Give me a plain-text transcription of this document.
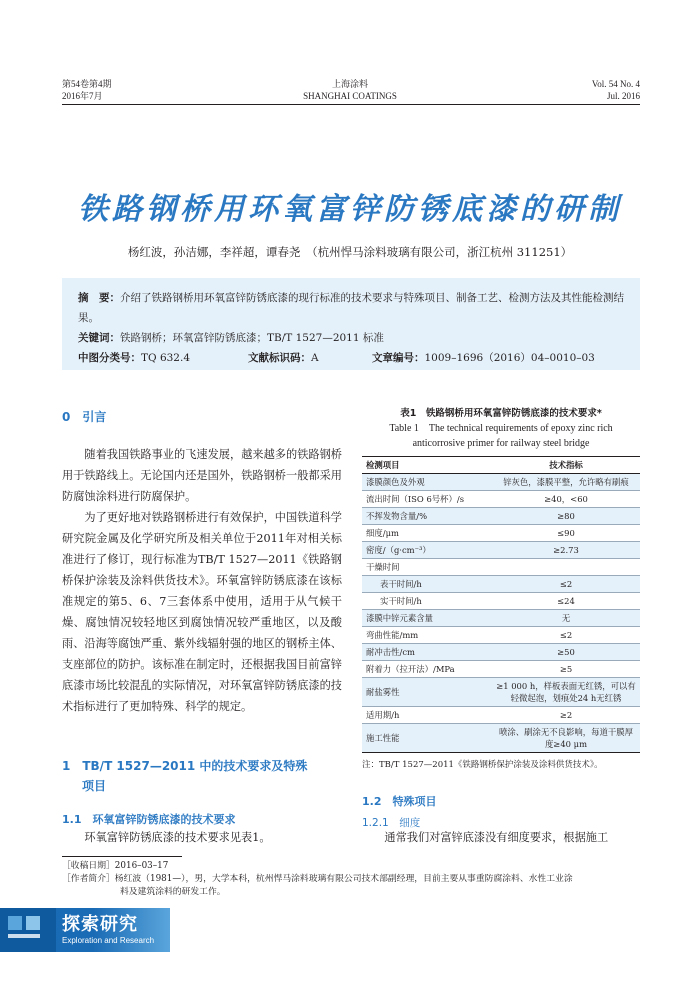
第54卷第4期
2016年7月
上海涂料
SHANGHAI COATINGS
Vol. 54 No. 4
Jul. 2016
铁路钢桥用环氧富锌防锈底漆的研制
杨红波，孙洁娜，李祥超，谭春尧　（杭州悍马涂料玻璃有限公司，浙江杭州 311251）
摘　要：介绍了铁路钢桥用环氧富锌防锈底漆的现行标准的技术要求与特殊项目、制备工艺、检测方法及其性能检测结果。
关键词：铁路钢桥；环氧富锌防锈底漆；TB/T 1527—2011 标准
中图分类号：TQ 632.4	文献标识码：A	文章编号：1009–1696（2016）04–0010–03
0　引言

随着我国铁路事业的飞速发展，越来越多的铁路钢桥用于铁路线上。无论国内还是国外，铁路钢桥一般都采用防腐蚀涂料进行防腐保护。

为了更好地对铁路钢桥进行有效保护，中国铁道科学研究院金属及化学研究所及相关单位于2011年对相关标准进行了修订，现行标准为TB/T 1527—2011《铁路钢桥保护涂装及涂料供货技术》。环氧富锌防锈底漆在该标准规定的第5、6、7三套体系中使用，适用于从气候干燥、腐蚀情况较轻地区到腐蚀情况较严重地区，以及酸雨、沿海等腐蚀严重、紫外线辐射强的地区的钢桥主体、支座部位的防护。该标准在制定时，还根据我国目前富锌底漆市场比较混乱的实际情况，对环氧富锌防锈底漆的技术指标进行了更加特殊、科学的规定。

1　TB/T 1527—2011 中的技术要求及特殊
项目
1.1　环氧富锌防锈底漆的技术要求

环氧富锌防锈底漆的技术要求见表1。

表1　铁路钢桥用环氧富锌防锈底漆的技术要求*
Table 1　The technical requirements of epoxy zinc rich
anticorrosive primer for railway steel bridge
检测项目	技术指标
漆膜颜色及外观	锌灰色，漆膜平整，允许略有刷痕
流出时间（ISO 6号杯）/s	≥40，<60
不挥发物含量/%	≥80
细度/μm	≤90
密度/（g·cm⁻³）	≥2.73
干燥时间	
表干时间/h	≤2
实干时间/h	≤24
漆膜中锌元素含量	无
弯曲性能/mm	≤2
耐冲击性/cm	≥50
附着力（拉开法）/MPa	≥5
耐盐雾性	≥1 000 h，样板表面无红锈，可以有轻微起泡，划痕处24 h无红锈
适用期/h	≥2
施工性能	喷涂、刷涂无不良影响，每道干膜厚度≥40 μm
注：TB/T 1527—2011《铁路钢桥保护涂装及涂料供货技术》。
1.2　特殊项目
1.2.1　细度

通常我们对富锌底漆没有细度要求，根据施工

［收稿日期］2016–03–17
［作者简介］杨红波（1981—），男，大学本科，杭州悍马涂料玻璃有限公司技术部副经理，目前主要从事重防腐涂料、水性工业涂
料及建筑涂料的研发工作。
探索研究
Exploration and Research
